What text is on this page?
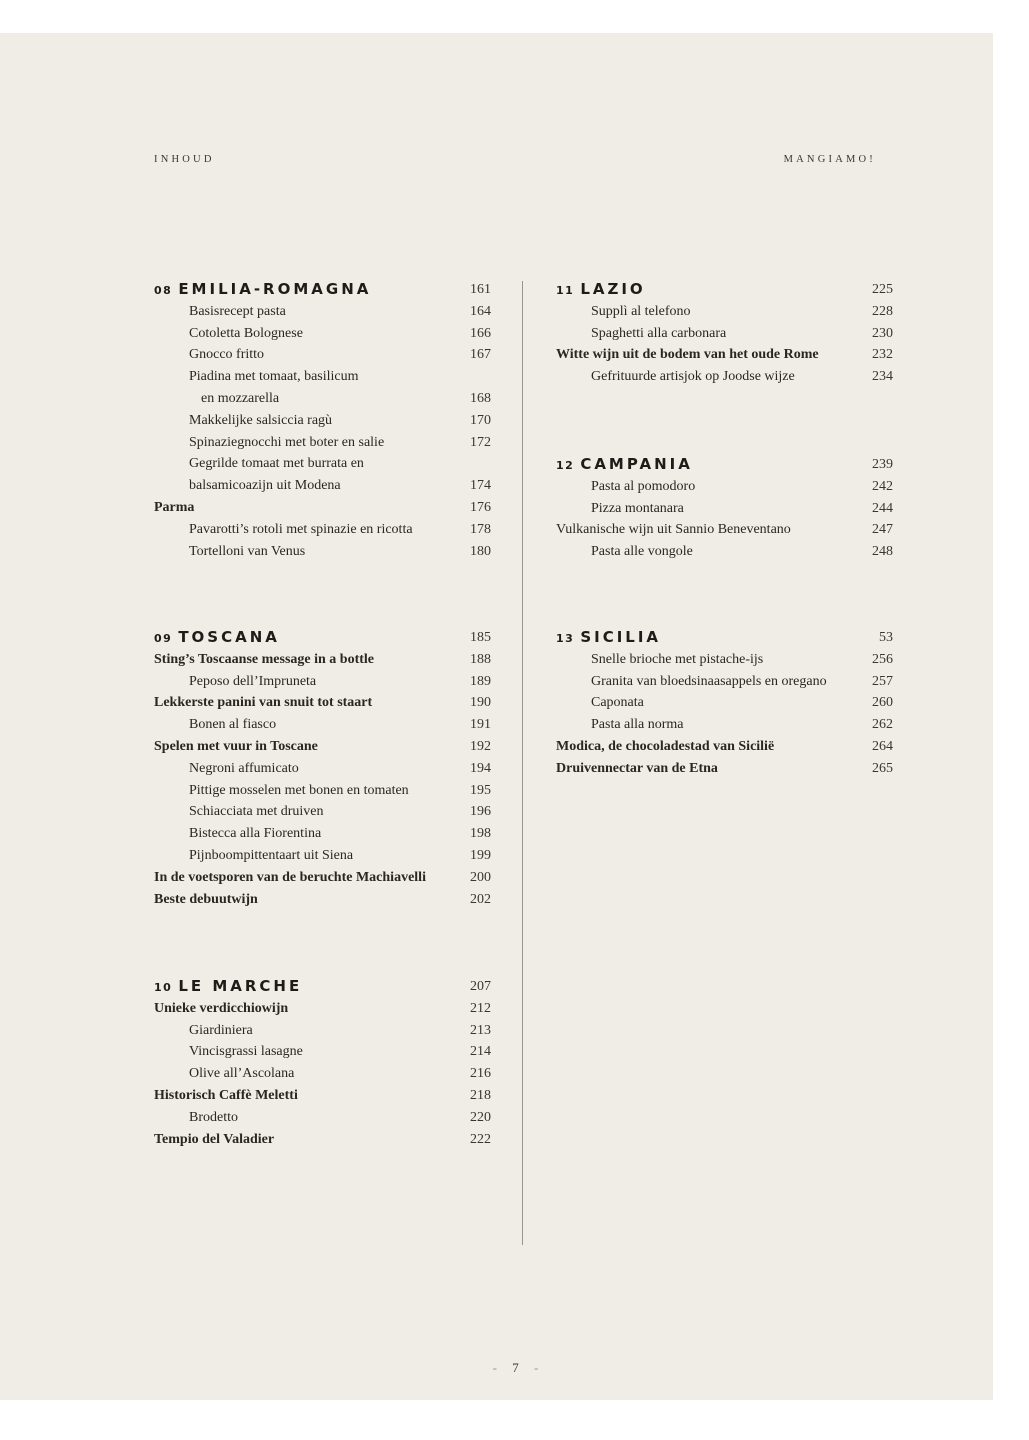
INHOUD	MANGIAMO!
08 EMILIA-ROMAGNA	161
Basisrecept pasta	164
Cotoletta Bolognese	166
Gnocco fritto	167
Piadina met tomaat, basilicum
en mozzarella	168
Makkelijke salsiccia ragù	170
Spinaziegnocchi met boter en salie	172
Gegrilde tomaat met burrata en
balsamicoazijn uit Modena	174
Parma	176
Pavarotti’s rotoli met spinazie en ricotta	178
Tortelloni van Venus	180
09 TOSCANA	185
Sting’s Toscaanse message in a bottle	188
Peposo dell’Impruneta	189
Lekkerste panini van snuit tot staart	190
Bonen al fiasco	191
Spelen met vuur in Toscane	192
Negroni affumicato	194
Pittige mosselen met bonen en tomaten	195
Schiacciata met druiven	196
Bistecca alla Fiorentina	198
Pijnboompittentaart uit Siena	199
In de voetsporen van de beruchte Machiavelli	200
Beste debuutwijn	202
10 LE MARCHE	207
Unieke verdicchiowijn	212
Giardiniera	213
Vincisgrassi lasagne	214
Olive all’Ascolana	216
Historisch Caffè Meletti	218
Brodetto	220
Tempio del Valadier	222
11 LAZIO	225
Supplì al telefono	228
Spaghetti alla carbonara	230
Witte wijn uit de bodem van het oude Rome	232
Gefrituurde artisjok op Joodse wijze	234
12 CAMPANIA	239
Pasta al pomodoro	242
Pizza montanara	244
Vulkanische wijn uit Sannio Beneventano	247
Pasta alle vongole	248
13 SICILIA	53
Snelle brioche met pistache-ijs	256
Granita van bloedsinaasappels en oregano	257
Caponata	260
Pasta alla norma	262
Modica, de chocoladestad van Sicilië	264
Druivennectar van de Etna	265
- 7 -
